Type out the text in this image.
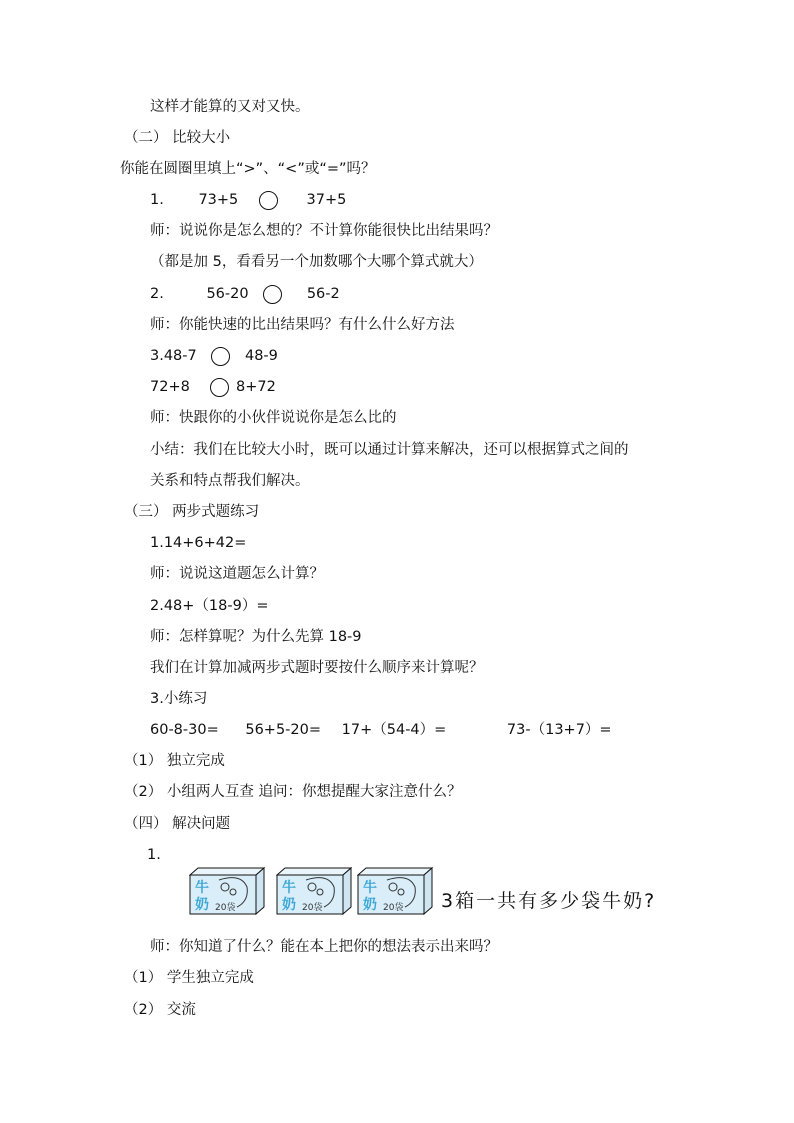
这样才能算的又对又快。
（二） 比较大小
你能在圆圈里填上“>”、“<”或“=”吗？
1. 73+5	37+5
师：说说你是怎么想的？不计算你能很快比出结果吗？
（都是加 5，看看另一个加数哪个大哪个算式就大）
2.	56-20	56-2
师：你能快速的比出结果吗？有什么什么好方法
3.48-7	48-9
72+8	8+72
师：快跟你的小伙伴说说你是怎么比的
小结：我们在比较大小时，既可以通过计算来解决，还可以根据算式之间的
关系和特点帮我们解决。
（三） 两步式题练习
1.14+6+42=
师：说说这道题怎么计算？
2.48+（18-9）=
师：怎样算呢？为什么先算 18-9
我们在计算加减两步式题时要按什么顺序来计算呢？
3.小练习
60-8-30= 56+5-20= 17+（54-4）=	73-（13+7）=
（1） 独立完成
（2） 小组两人互查 追问：你想提醒大家注意什么？
（四） 解决问题
1.
牛
奶 20袋
牛
奶 20袋
牛
奶 20袋 3箱一共有多少袋牛奶?
师：你知道了什么？能在本上把你的想法表示出来吗？
（1） 学生独立完成
（2） 交流
